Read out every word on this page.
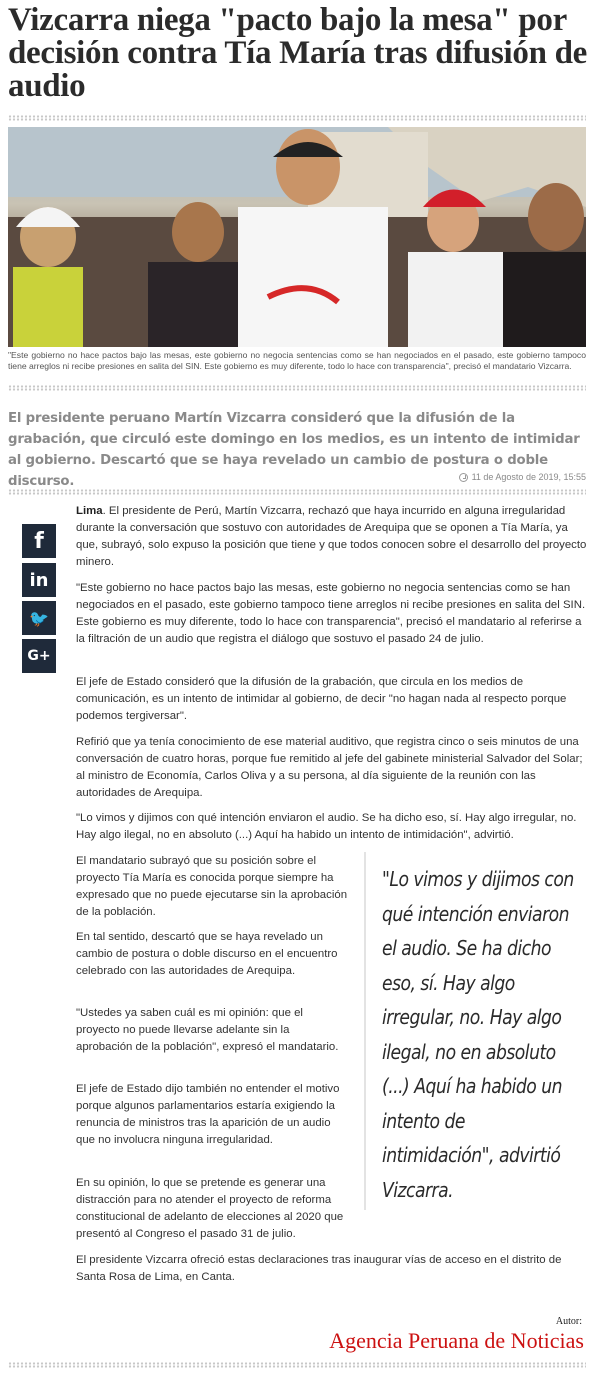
Vizcarra niega "pacto bajo la mesa" por decisión contra Tía María tras difusión de audio

"Este gobierno no hace pactos bajo las mesas, este gobierno no negocia sentencias como se han negociados en el pasado, este gobierno tampoco tiene arreglos ni recibe presiones en salita del SIN. Este gobierno es muy diferente, todo lo hace con transparencia", precisó el mandatario Vizcarra.

El presidente peruano Martín Vizcarra consideró que la difusión de la grabación, que circuló este domingo en los medios, es un intento de intimidar al gobierno. Descartó que se haya revelado un cambio de postura o doble discurso.	11 de Agosto de 2019, 15:55
f
in
🐦
G+

Lima. El presidente de Perú, Martín Vizcarra, rechazó que haya incurrido en alguna irregularidad durante la conversación que sostuvo con autoridades de Arequipa que se oponen a Tía María, ya que, subrayó, solo expuso la posición que tiene y que todos conocen sobre el desarrollo del proyecto minero.

"Este gobierno no hace pactos bajo las mesas, este gobierno no negocia sentencias como se han negociados en el pasado, este gobierno tampoco tiene arreglos ni recibe presiones en salita del SIN. Este gobierno es muy diferente, todo lo hace con transparencia", precisó el mandatario al referirse a la filtración de un audio que registra el diálogo que sostuvo el pasado 24 de julio.

El jefe de Estado consideró que la difusión de la grabación, que circula en los medios de comunicación, es un intento de intimidar al gobierno, de decir "no hagan nada al respecto porque podemos tergiversar".

Refirió que ya tenía conocimiento de ese material auditivo, que registra cinco o seis minutos de una conversación de cuatro horas, porque fue remitido al jefe del gabinete ministerial Salvador del Solar; al ministro de Economía, Carlos Oliva y a su persona, al día siguiente de la reunión con las autoridades de Arequipa.

"Lo vimos y dijimos con qué intención enviaron el audio. Se ha dicho eso, sí. Hay algo irregular, no. Hay algo ilegal, no en absoluto (...) Aquí ha habido un intento de intimidación", advirtió.

El mandatario subrayó que su posición sobre el proyecto Tía María es conocida porque siempre ha expresado que no puede ejecutarse sin la aprobación de la población.

En tal sentido, descartó que se haya revelado un cambio de postura o doble discurso en el encuentro celebrado con las autoridades de Arequipa.

"Ustedes ya saben cuál es mi opinión: que el proyecto no puede llevarse adelante sin la aprobación de la población", expresó el mandatario.

El jefe de Estado dijo también no entender el motivo porque algunos parlamentarios estaría exigiendo la renuncia de ministros tras la aparición de un audio que no involucra ninguna irregularidad.

En su opinión, lo que se pretende es generar una distracción para no atender el proyecto de reforma constitucional de adelanto de elecciones al 2020 que presentó al Congreso el pasado 31 de julio.

"Lo vimos y dijimos con
qué intención enviaron
el audio. Se ha dicho
eso, sí. Hay algo
irregular, no. Hay algo
ilegal, no en absoluto
(...) Aquí ha habido un
intento de
intimidación", advirtió
Vizcarra.

El presidente Vizcarra ofreció estas declaraciones tras inaugurar vías de acceso en el distrito de Santa Rosa de Lima, en Canta.

Autor:
Agencia Peruana de Noticias
